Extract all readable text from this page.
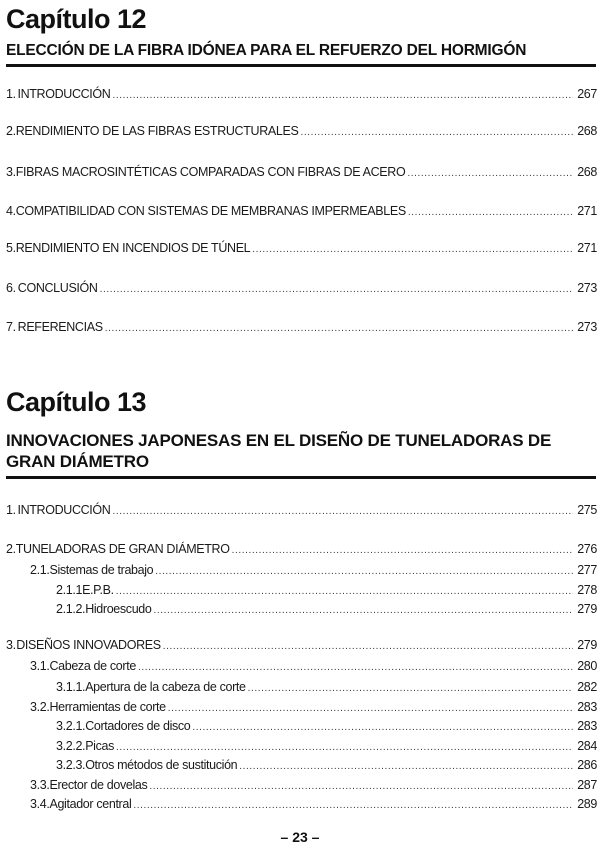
Capítulo 12
ELECCIÓN DE LA FIBRA IDÓNEA PARA EL REFUERZO DEL HORMIGÓN
1. INTRODUCCIÓN .....	267
2. RENDIMIENTO DE LAS FIBRAS ESTRUCTURALES .....	268
3. FIBRAS MACROSINTÉTICAS COMPARADAS CON FIBRAS DE ACERO .....	268
4. COMPATIBILIDAD CON SISTEMAS DE MEMBRANAS IMPERMEABLES .....	271
5. RENDIMIENTO EN INCENDIOS DE TÚNEL .....	271
6. CONCLUSIÓN .....	273
7. REFERENCIAS .....	273
Capítulo 13
INNOVACIONES JAPONESAS EN EL DISEÑO DE TUNELADORAS DE GRAN DIÁMETRO
1. INTRODUCCIÓN .....	275
2. TUNELADORAS DE GRAN DIÁMETRO .....	276
2.1. Sistemas de trabajo .....	277
2.1.1 E.P.B. .....	278
2.1.2. Hidroescudo .....	279
3. DISEÑOS INNOVADORES .....	279
3.1. Cabeza de corte .....	280
3.1.1. Apertura de la cabeza de corte .....	282
3.2. Herramientas de corte .....	283
3.2.1. Cortadores de disco .....	283
3.2.2. Picas .....	284
3.2.3. Otros métodos de sustitución .....	286
3.3. Erector de dovelas .....	287
3.4. Agitador central .....	289
– 23 –
